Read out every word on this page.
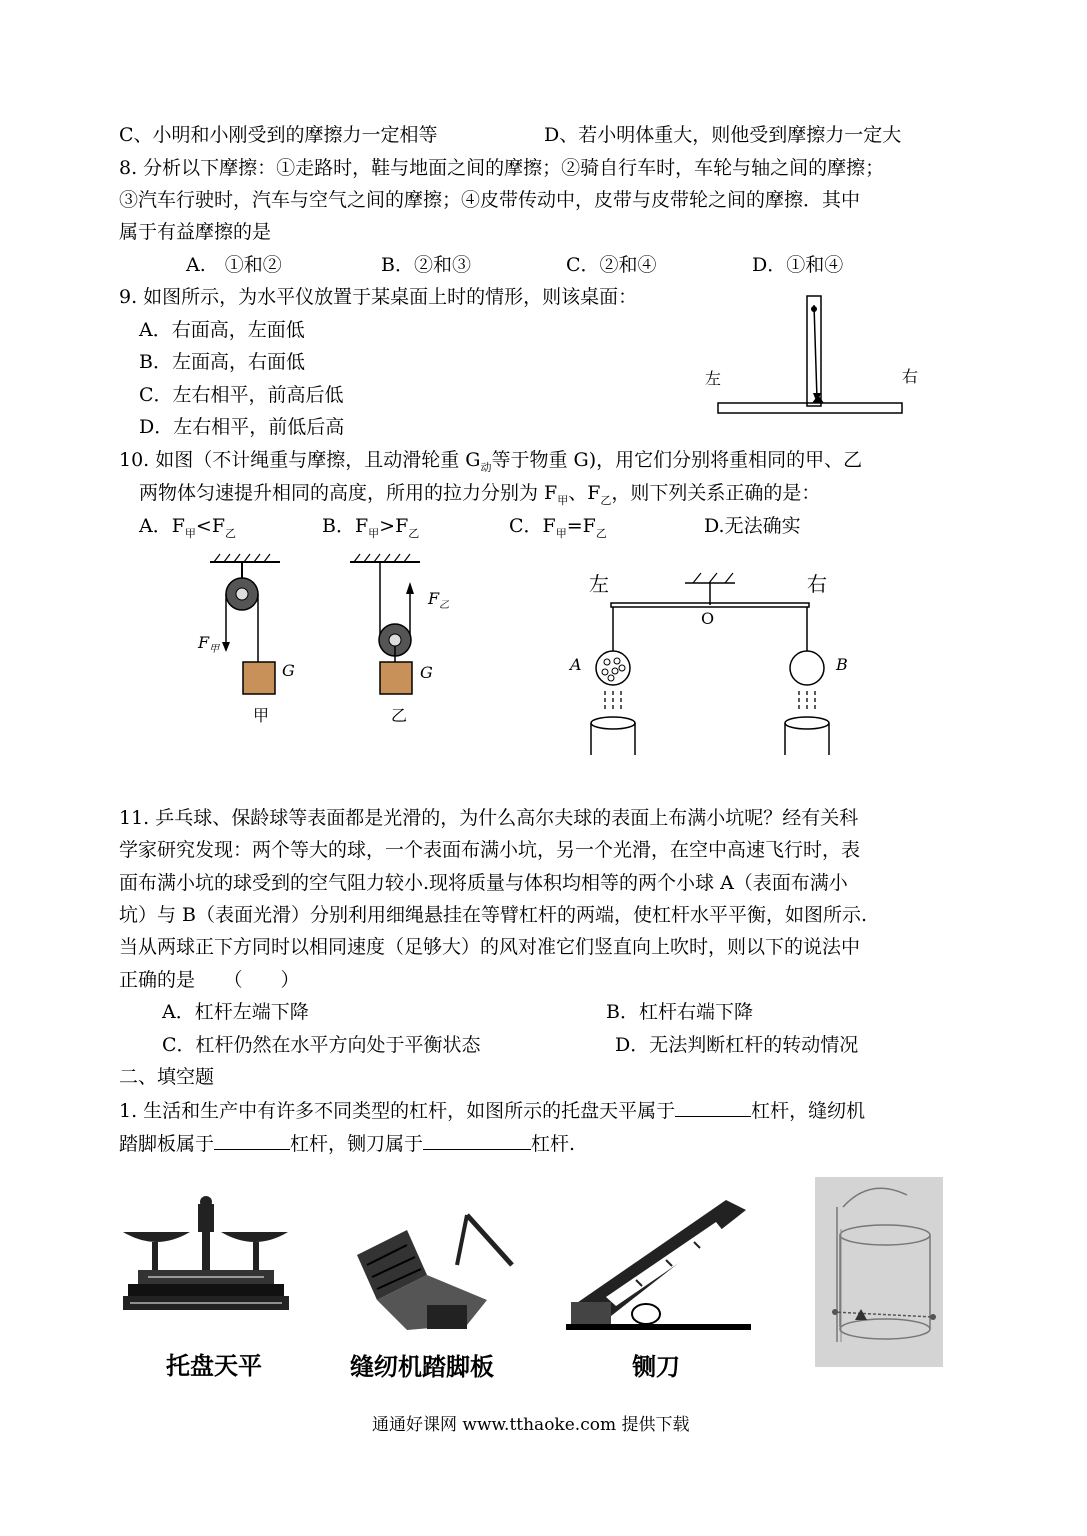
C、小明和小刚受到的摩擦力一定相等	D、若小明体重大，则他受到摩擦力一定大
8. 分析以下摩擦：①走路时，鞋与地面之间的摩擦；②骑自行车时，车轮与轴之间的摩擦；
③汽车行驶时，汽车与空气之间的摩擦；④皮带传动中，皮带与皮带轮之间的摩擦．其中
属于有益摩擦的是
A.　①和②	B．②和③	C．②和④	D．①和④
9. 如图所示，为水平仪放置于某桌面上时的情形，则该桌面：
A．右面高，左面低
B．左面高，右面低
C．左右相平，前高后低
D．左右相平，前低后高
左	右
10. 如图（不计绳重与摩擦，且动滑轮重 $G_动$等于物重 G)，用它们分别将重相同的甲、乙
两物体匀速提升相同的高度，所用的拉力分别为 $F_甲$、$F_乙$，则下列关系正确的是：
A．$F_甲<F_乙$	B．$F_甲>F_乙$	C．$F_甲=F_乙$	D.无法确实
$F_甲$
G
甲
$F_乙$
G
乙
左	右
O
A	B
11. 乒乓球、保龄球等表面都是光滑的，为什么高尔夫球的表面上布满小坑呢？经有关科
学家研究发现：两个等大的球，一个表面布满小坑，另一个光滑，在空中高速飞行时，表
面布满小坑的球受到的空气阻力较小.现将质量与体积均相等的两个小球 A（表面布满小
坑）与 B（表面光滑）分别利用细绳悬挂在等臂杠杆的两端，使杠杆水平平衡，如图所示.
当从两球正下方同时以相同速度（足够大）的风对准它们竖直向上吹时，则以下的说法中
正确的是　　（　　）
A．杠杆左端下降	B．杠杆右端下降
C．杠杆仍然在水平方向处于平衡状态	D．无法判断杠杆的转动情况
二、填空题
1. 生活和生产中有许多不同类型的杠杆，如图所示的托盘天平属于	杠杆，缝纫机
踏脚板属于	杠杆，铡刀属于	杠杆.
托盘天平	缝纫机踏脚板	铡刀
通通好课网 www.tthaoke.com 提供下载
